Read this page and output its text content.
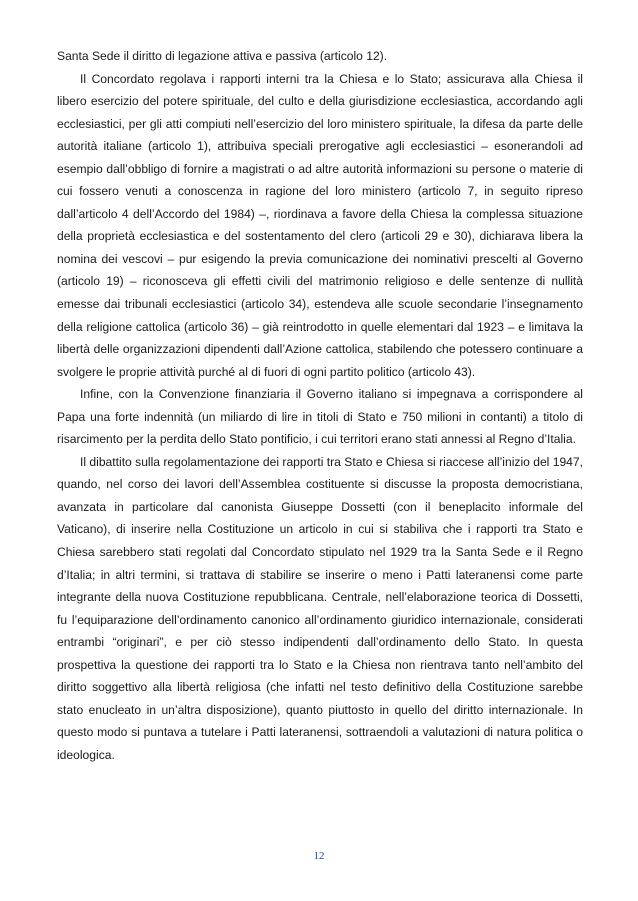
Santa Sede il diritto di legazione attiva e passiva (articolo 12).

Il Concordato regolava i rapporti interni tra la Chiesa e lo Stato; assicurava alla Chiesa il libero esercizio del potere spirituale, del culto e della giurisdizione ecclesiastica, accordando agli ecclesiastici, per gli atti compiuti nell’esercizio del loro ministero spirituale, la difesa da parte delle autorità italiane (articolo 1), attribuiva speciali prerogative agli ecclesiastici – esonerandoli ad esempio dall’obbligo di fornire a magistrati o ad altre autorità informazioni su persone o materie di cui fossero venuti a conoscenza in ragione del loro ministero (articolo 7, in seguito ripreso dall’articolo 4 dell’Accordo del 1984) –, riordinava a favore della Chiesa la complessa situazione della proprietà ecclesiastica e del sostentamento del clero (articoli 29 e 30), dichiarava libera la nomina dei vescovi – pur esigendo la previa comunicazione dei nominativi prescelti al Governo (articolo 19) – riconosceva gli effetti civili del matrimonio religioso e delle sentenze di nullità emesse dai tribunali ecclesiastici (articolo 34), estendeva alle scuole secondarie l’insegnamento della religione cattolica (articolo 36) – già reintrodotto in quelle elementari dal 1923 – e limitava la libertà delle organizzazioni dipendenti dall’Azione cattolica, stabilendo che potessero continuare a svolgere le proprie attività purché al di fuori di ogni partito politico (articolo 43).

Infine, con la Convenzione finanziaria il Governo italiano si impegnava a corrispondere al Papa una forte indennità (un miliardo di lire in titoli di Stato e 750 milioni in contanti) a titolo di risarcimento per la perdita dello Stato pontificio, i cui territori erano stati annessi al Regno d’Italia.

Il dibattito sulla regolamentazione dei rapporti tra Stato e Chiesa si riaccese all’inizio del 1947, quando, nel corso dei lavori dell’Assemblea costituente si discusse la proposta democristiana, avanzata in particolare dal canonista Giuseppe Dossetti (con il beneplacito informale del Vaticano), di inserire nella Costituzione un articolo in cui si stabiliva che i rapporti tra Stato e Chiesa sarebbero stati regolati dal Concordato stipulato nel 1929 tra la Santa Sede e il Regno d’Italia; in altri termini, si trattava di stabilire se inserire o meno i Patti lateranensi come parte integrante della nuova Costituzione repubblicana. Centrale, nell’elaborazione teorica di Dossetti, fu l’equiparazione dell’ordinamento canonico all’ordinamento giuridico internazionale, considerati entrambi “originari”, e per ciò stesso indipendenti dall’ordinamento dello Stato. In questa prospettiva la questione dei rapporti tra lo Stato e la Chiesa non rientrava tanto nell’ambito del diritto soggettivo alla libertà religiosa (che infatti nel testo definitivo della Costituzione sarebbe stato enucleato in un’altra disposizione), quanto piuttosto in quello del diritto internazionale. In questo modo si puntava a tutelare i Patti lateranensi, sottraendoli a valutazioni di natura politica o ideologica.

12
